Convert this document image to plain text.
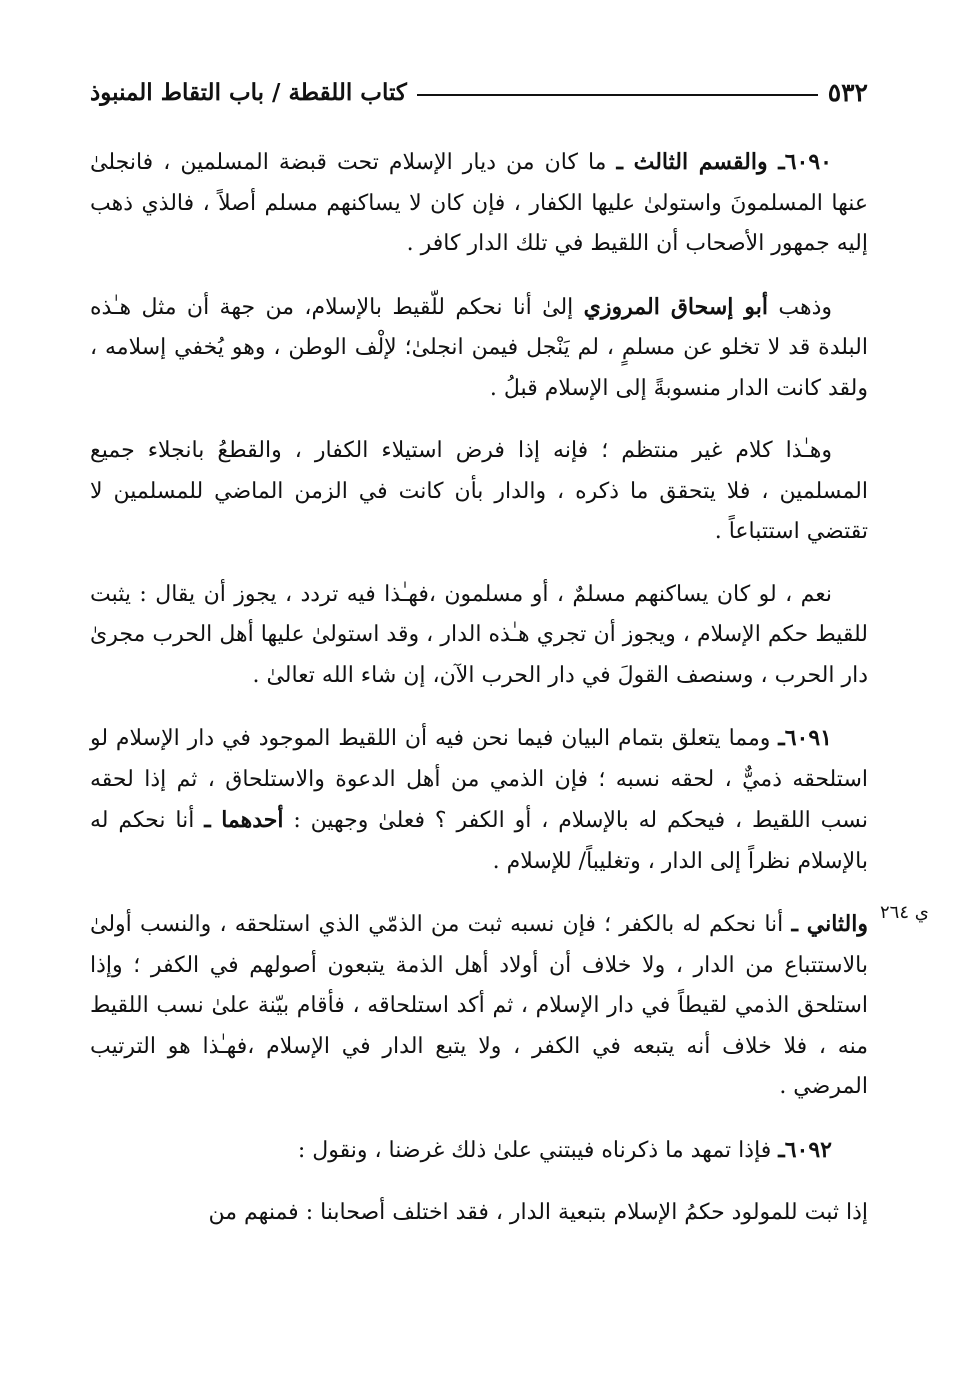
٥٣٢
كتاب اللقطة / باب التقاط المنبوذ
ي ٢٦٤

٦٠٩٠ـ والقسم الثالث ـ ما كان من ديار الإسلام تحت قبضة المسلمين ، فانجلىٰ عنها المسلمونَ واستولىٰ عليها الكفار ، فإن كان لا يساكنهم مسلم أصلاً ، فالذي ذهب إليه جمهور الأصحاب أن اللقيط في تلك الدار كافر .

وذهب أبو إسحاق المروزي إلىٰ أنا نحكم للّقيط بالإسلام، من جهة أن مثل هـٰذه البلدة قد لا تخلو عن مسلمٍ ، لم يَنْجل فيمن انجلىٰ؛ لإلْف الوطن ، وهو يُخفي إسلامه ، ولقد كانت الدار منسوبةً إلى الإسلام قبلُ .

وهـٰذا كلام غير منتظم ؛ فإنه إذا فرض استيلاء الكفار ، والقطعُ بانجلاء جميع المسلمين ، فلا يتحقق ما ذكره ، والدار بأن كانت في الزمن الماضي للمسلمين لا تقتضي استتباعاً .

نعم ، لو كان يساكنهم مسلمٌ ، أو مسلمون ،فهـٰذا فيه تردد ، يجوز أن يقال : يثبت للقيط حكم الإسلام ، ويجوز أن تجري هـٰذه الدار ، وقد استولىٰ عليها أهل الحرب مجرىٰ دار الحرب ، وسنصف القولَ في دار الحرب الآن، إن شاء الله تعالىٰ .

٦٠٩١ـ ومما يتعلق بتمام البيان فيما نحن فيه أن اللقيط الموجود في دار الإسلام لو استلحقه ذميٌّ ، لحقه نسبه ؛ فإن الذمي من أهل الدعوة والاستلحاق ، ثم إذا لحقه نسب اللقيط ، فيحكم له بالإسلام ، أو الكفر ؟ فعلىٰ وجهين : أحدهما ـ أنا نحكم له بالإسلام نظراً إلى الدار ، وتغليباً/ للإسلام .

والثاني ـ أنا نحكم له بالكفر ؛ فإن نسبه ثبت من الذمّي الذي استلحقه ، والنسب أولىٰ بالاستتباع من الدار ، ولا خلاف أن أولاد أهل الذمة يتبعون أصولهم في الكفر ؛ وإذا استلحق الذمي لقيطاً في دار الإسلام ، ثم أكد استلحاقه ، فأقام بيّنة علىٰ نسب اللقيط منه ، فلا خلاف أنه يتبعه في الكفر ، ولا يتبع الدار في الإسلام ،فهـٰذا هو الترتيب المرضي .

٦٠٩٢ـ فإذا تمهد ما ذكرناه فيبتني علىٰ ذلك غرضنا ، ونقول :

إذا ثبت للمولود حكمُ الإسلام بتبعية الدار ، فقد اختلف أصحابنا : فمنهم من
